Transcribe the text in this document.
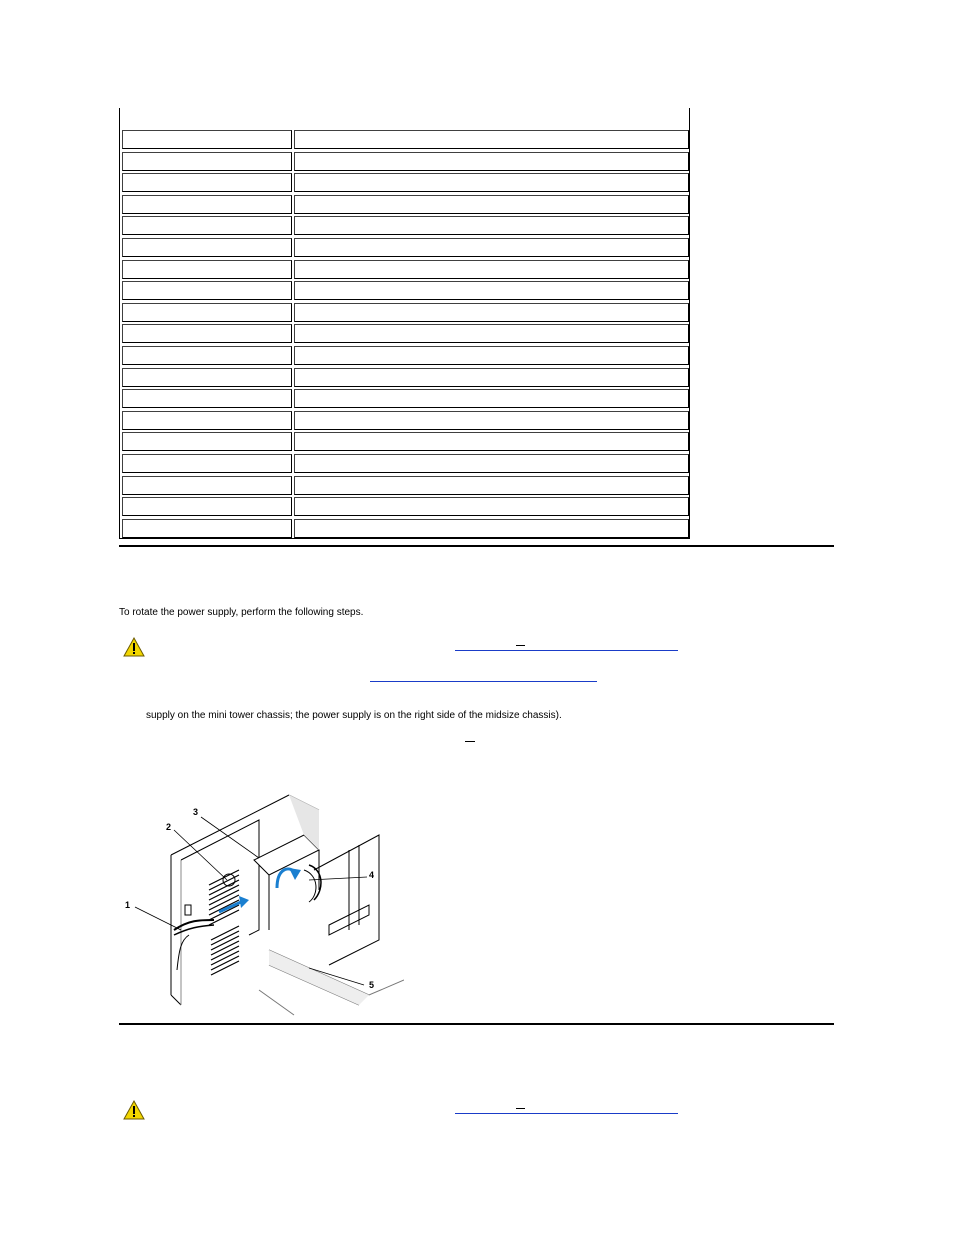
To rotate the power supply, perform the following steps.
supply on the mini tower chassis; the power supply is on the right side of the midsize chassis).
1
2
3
4
5
